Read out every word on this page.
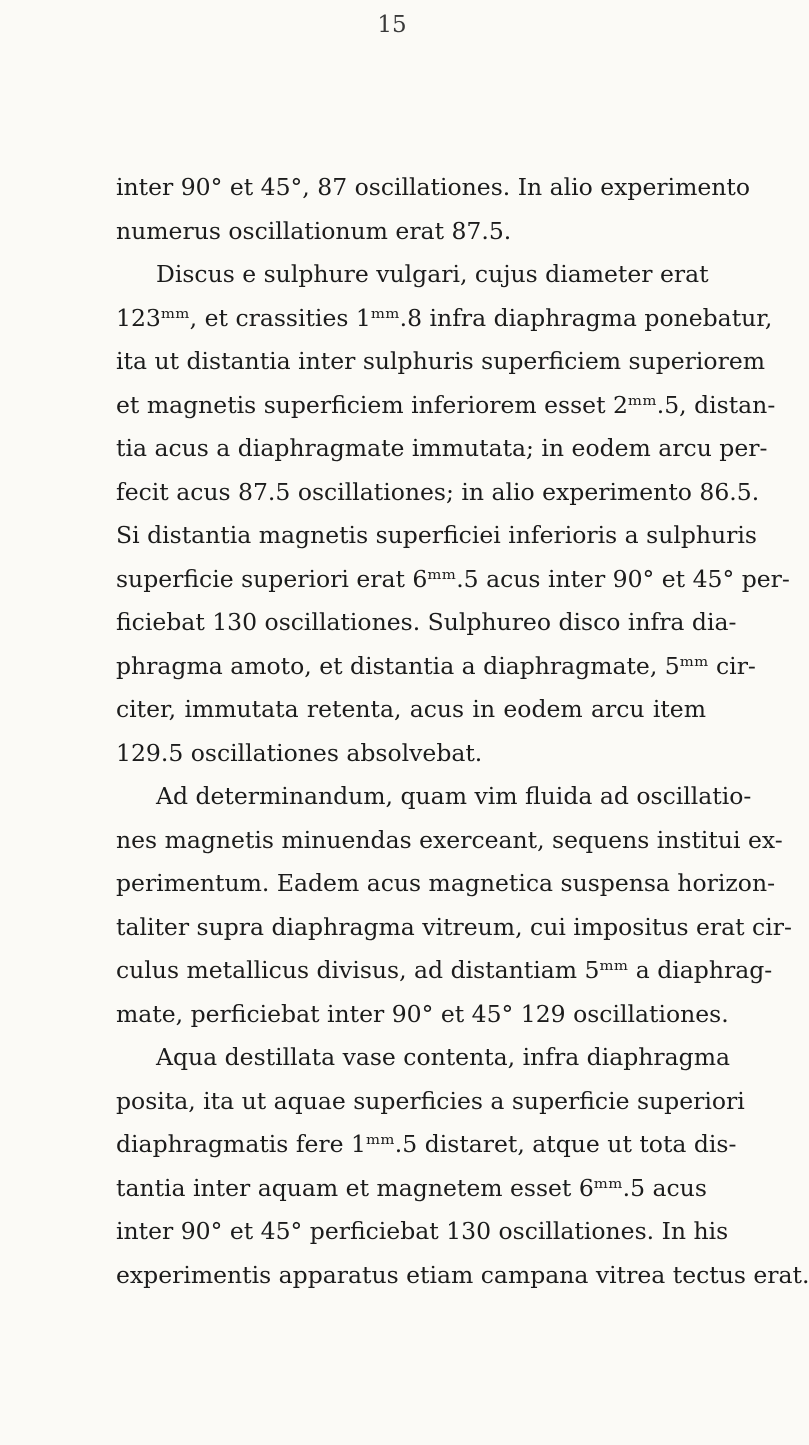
15
inter 90° et 45°, 87 oscillationes. In alio experimento
numerus oscillationum erat 87.5.
Discus e sulphure vulgari, cujus diameter erat
123ᵐᵐ, et crassities 1ᵐᵐ.8 infra diaphragma ponebatur,
ita ut distantia inter sulphuris superficiem superiorem
et magnetis superficiem inferiorem esset 2ᵐᵐ.5, distan-
tia acus a diaphragmate immutata; in eodem arcu per-
fecit acus 87.5 oscillationes; in alio experimento 86.5.
Si distantia magnetis superficiei inferioris a sulphuris
superficie superiori erat 6ᵐᵐ.5 acus inter 90° et 45° per-
ficiebat 130 oscillationes. Sulphureo disco infra dia-
phragma amoto, et distantia a diaphragmate, 5ᵐᵐ cir-
citer, immutata retenta, acus in eodem arcu item
129.5 oscillationes absolvebat.
Ad determinandum, quam vim fluida ad oscillatio-
nes magnetis minuendas exerceant, sequens institui ex-
perimentum. Eadem acus magnetica suspensa horizon-
taliter supra diaphragma vitreum, cui impositus erat cir-
culus metallicus divisus, ad distantiam 5ᵐᵐ a diaphrag-
mate, perficiebat inter 90° et 45° 129 oscillationes.
Aqua destillata vase contenta, infra diaphragma
posita, ita ut aquae superficies a superficie superiori
diaphragmatis fere 1ᵐᵐ.5 distaret, atque ut tota dis-
tantia inter aquam et magnetem esset 6ᵐᵐ.5 acus
inter 90° et 45° perficiebat 130 oscillationes. In his
experimentis apparatus etiam campana vitrea tectus erat.
